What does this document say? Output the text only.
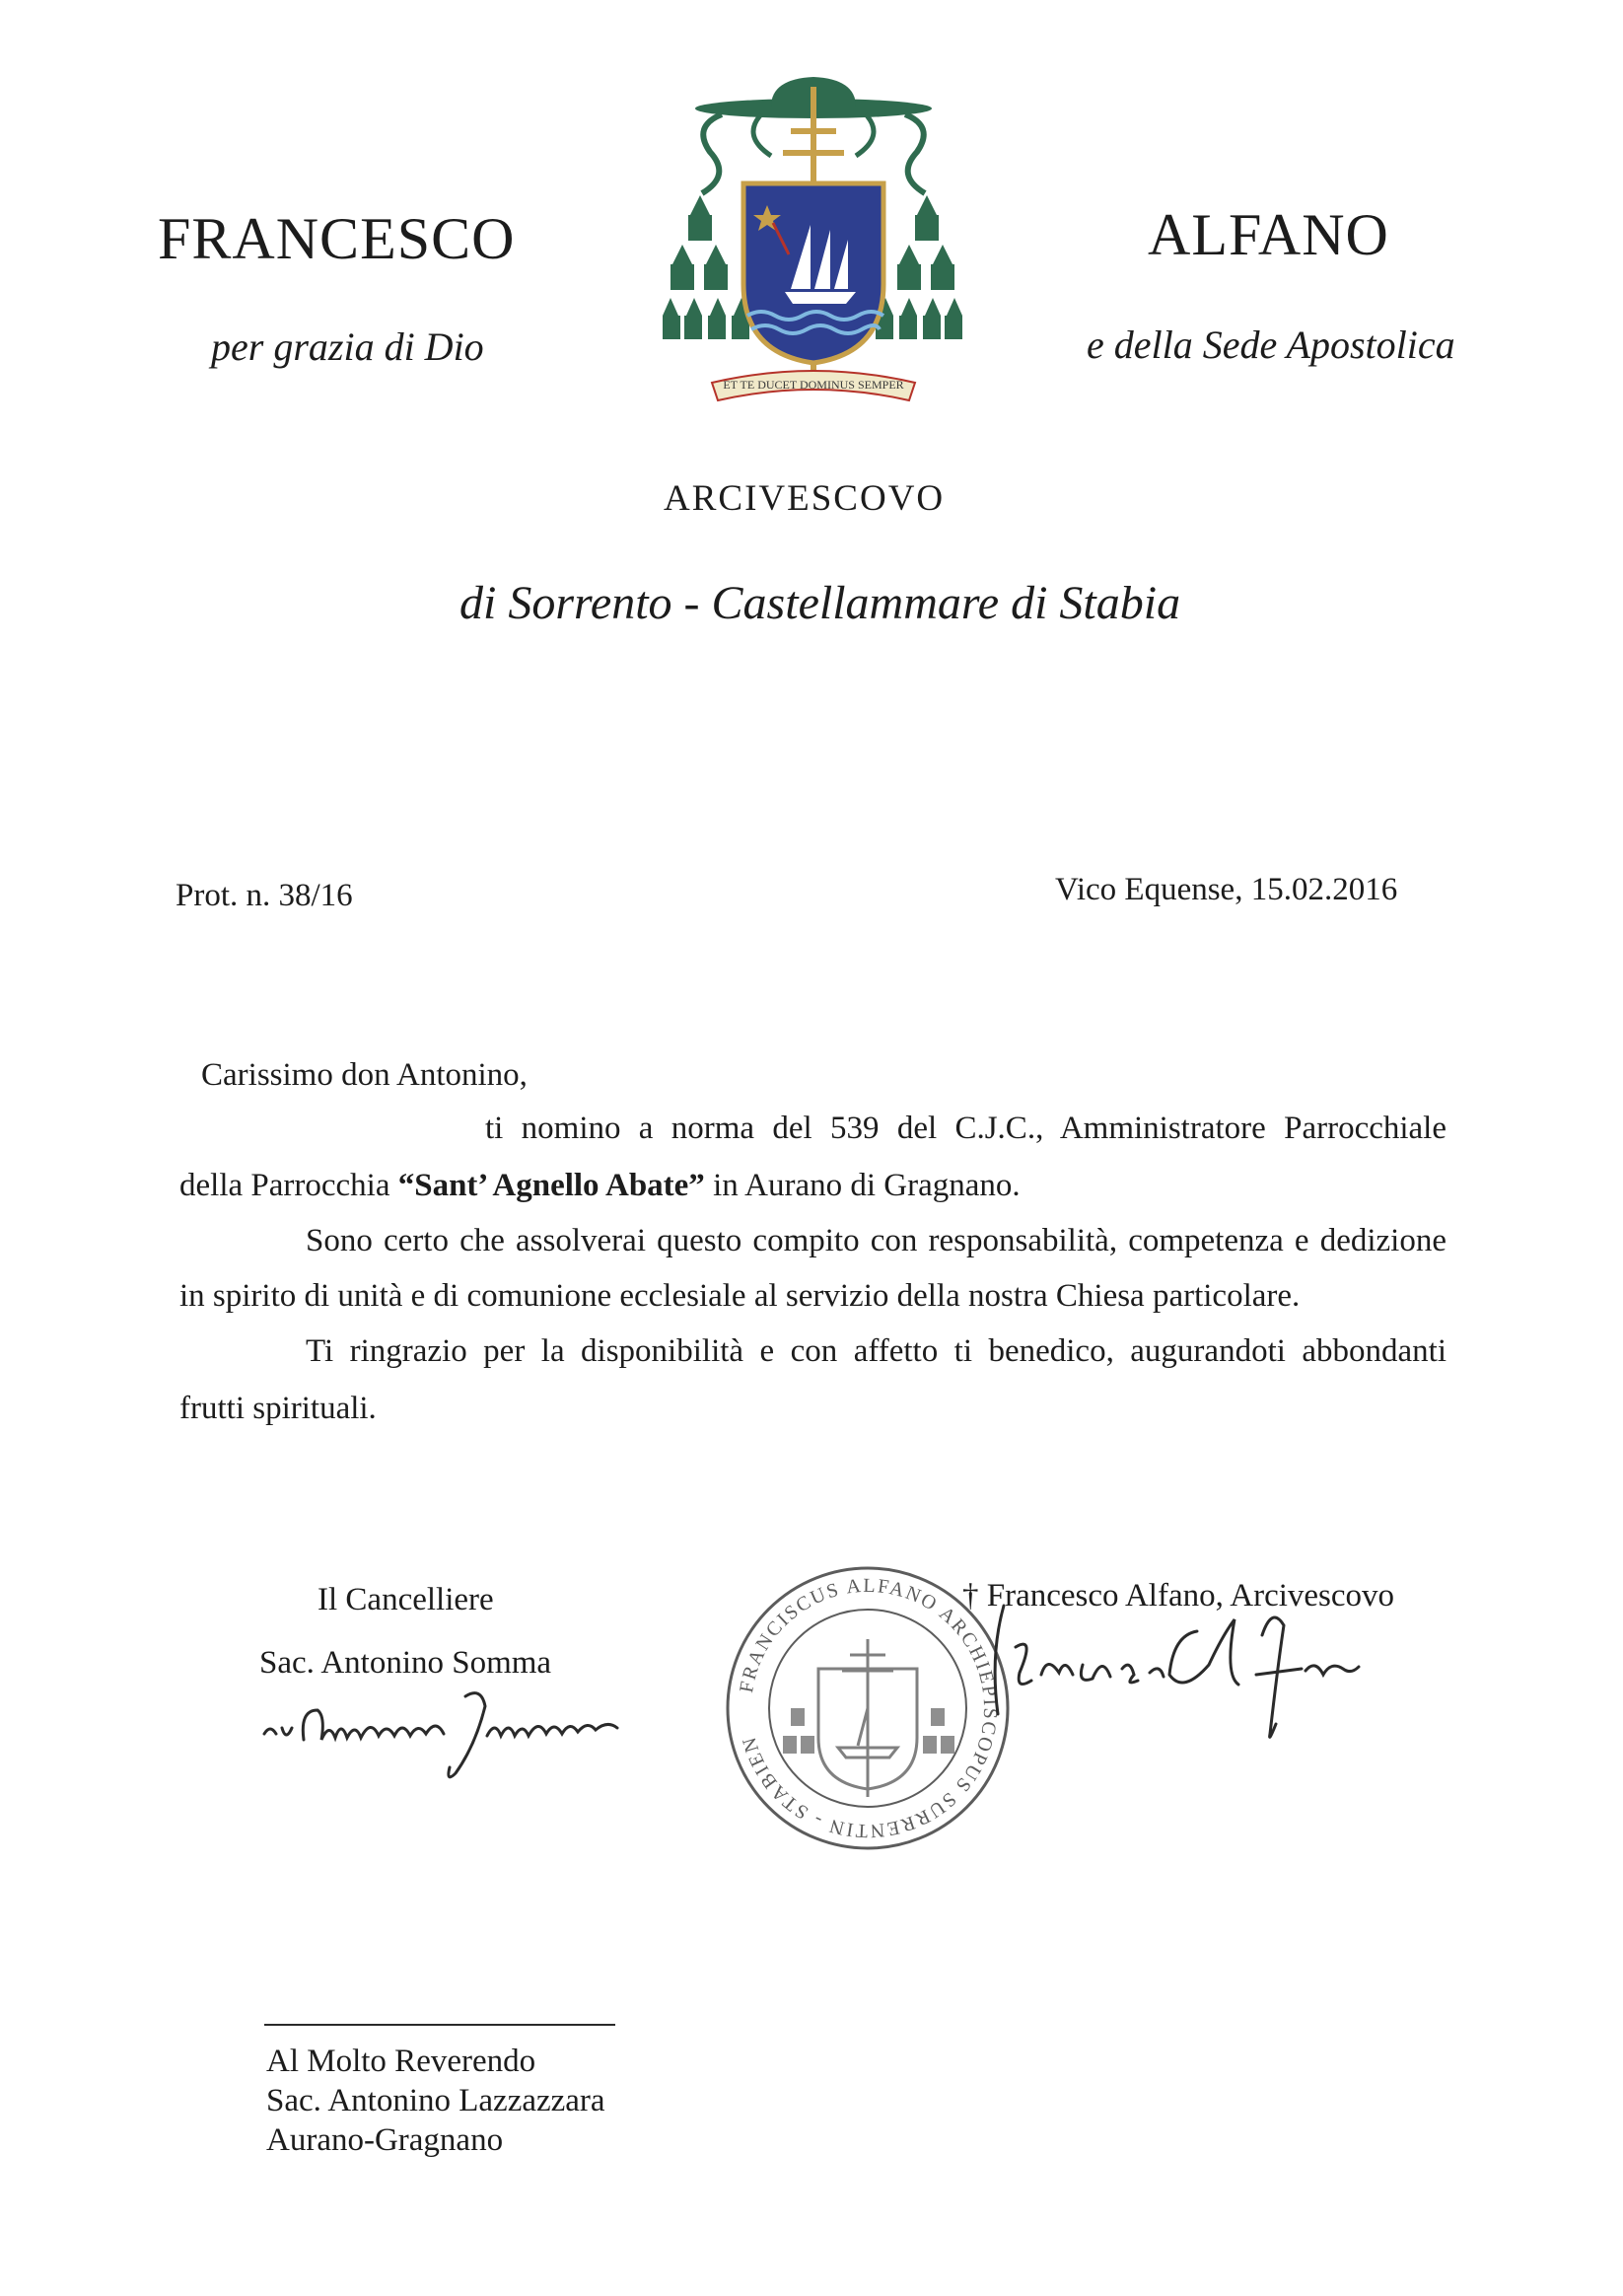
FRANCESCO	ALFANO
per grazia di Dio	e della Sede Apostolica
ET TE DUCET DOMINUS SEMPER
ARCIVESCOVO
di Sorrento - Castellammare di Stabia
Prot. n. 38/16	Vico Equense, 15.02.2016
Carissimo don Antonino,
ti nomino a norma del 539 del C.J.C., Amministratore Parrocchiale
della Parrocchia “Sant’ Agnello Abate” in Aurano di Gragnano.
Sono certo che assolverai questo compito con responsabilità, competenza e dedizione
in spirito di unità e di comunione ecclesiale al servizio della nostra Chiesa particolare.
Ti ringrazio per la disponibilità e con affetto ti benedico, augurandoti abbondanti
frutti spirituali.
FRANCISCUS ALFANO ARCHIEPISCOPUS SURRENTIN - STABIEN
Il Cancelliere
Sac. Antonino Somma
† Francesco Alfano, Arcivescovo
Al Molto Reverendo
Sac. Antonino Lazzazzara
Aurano-Gragnano
